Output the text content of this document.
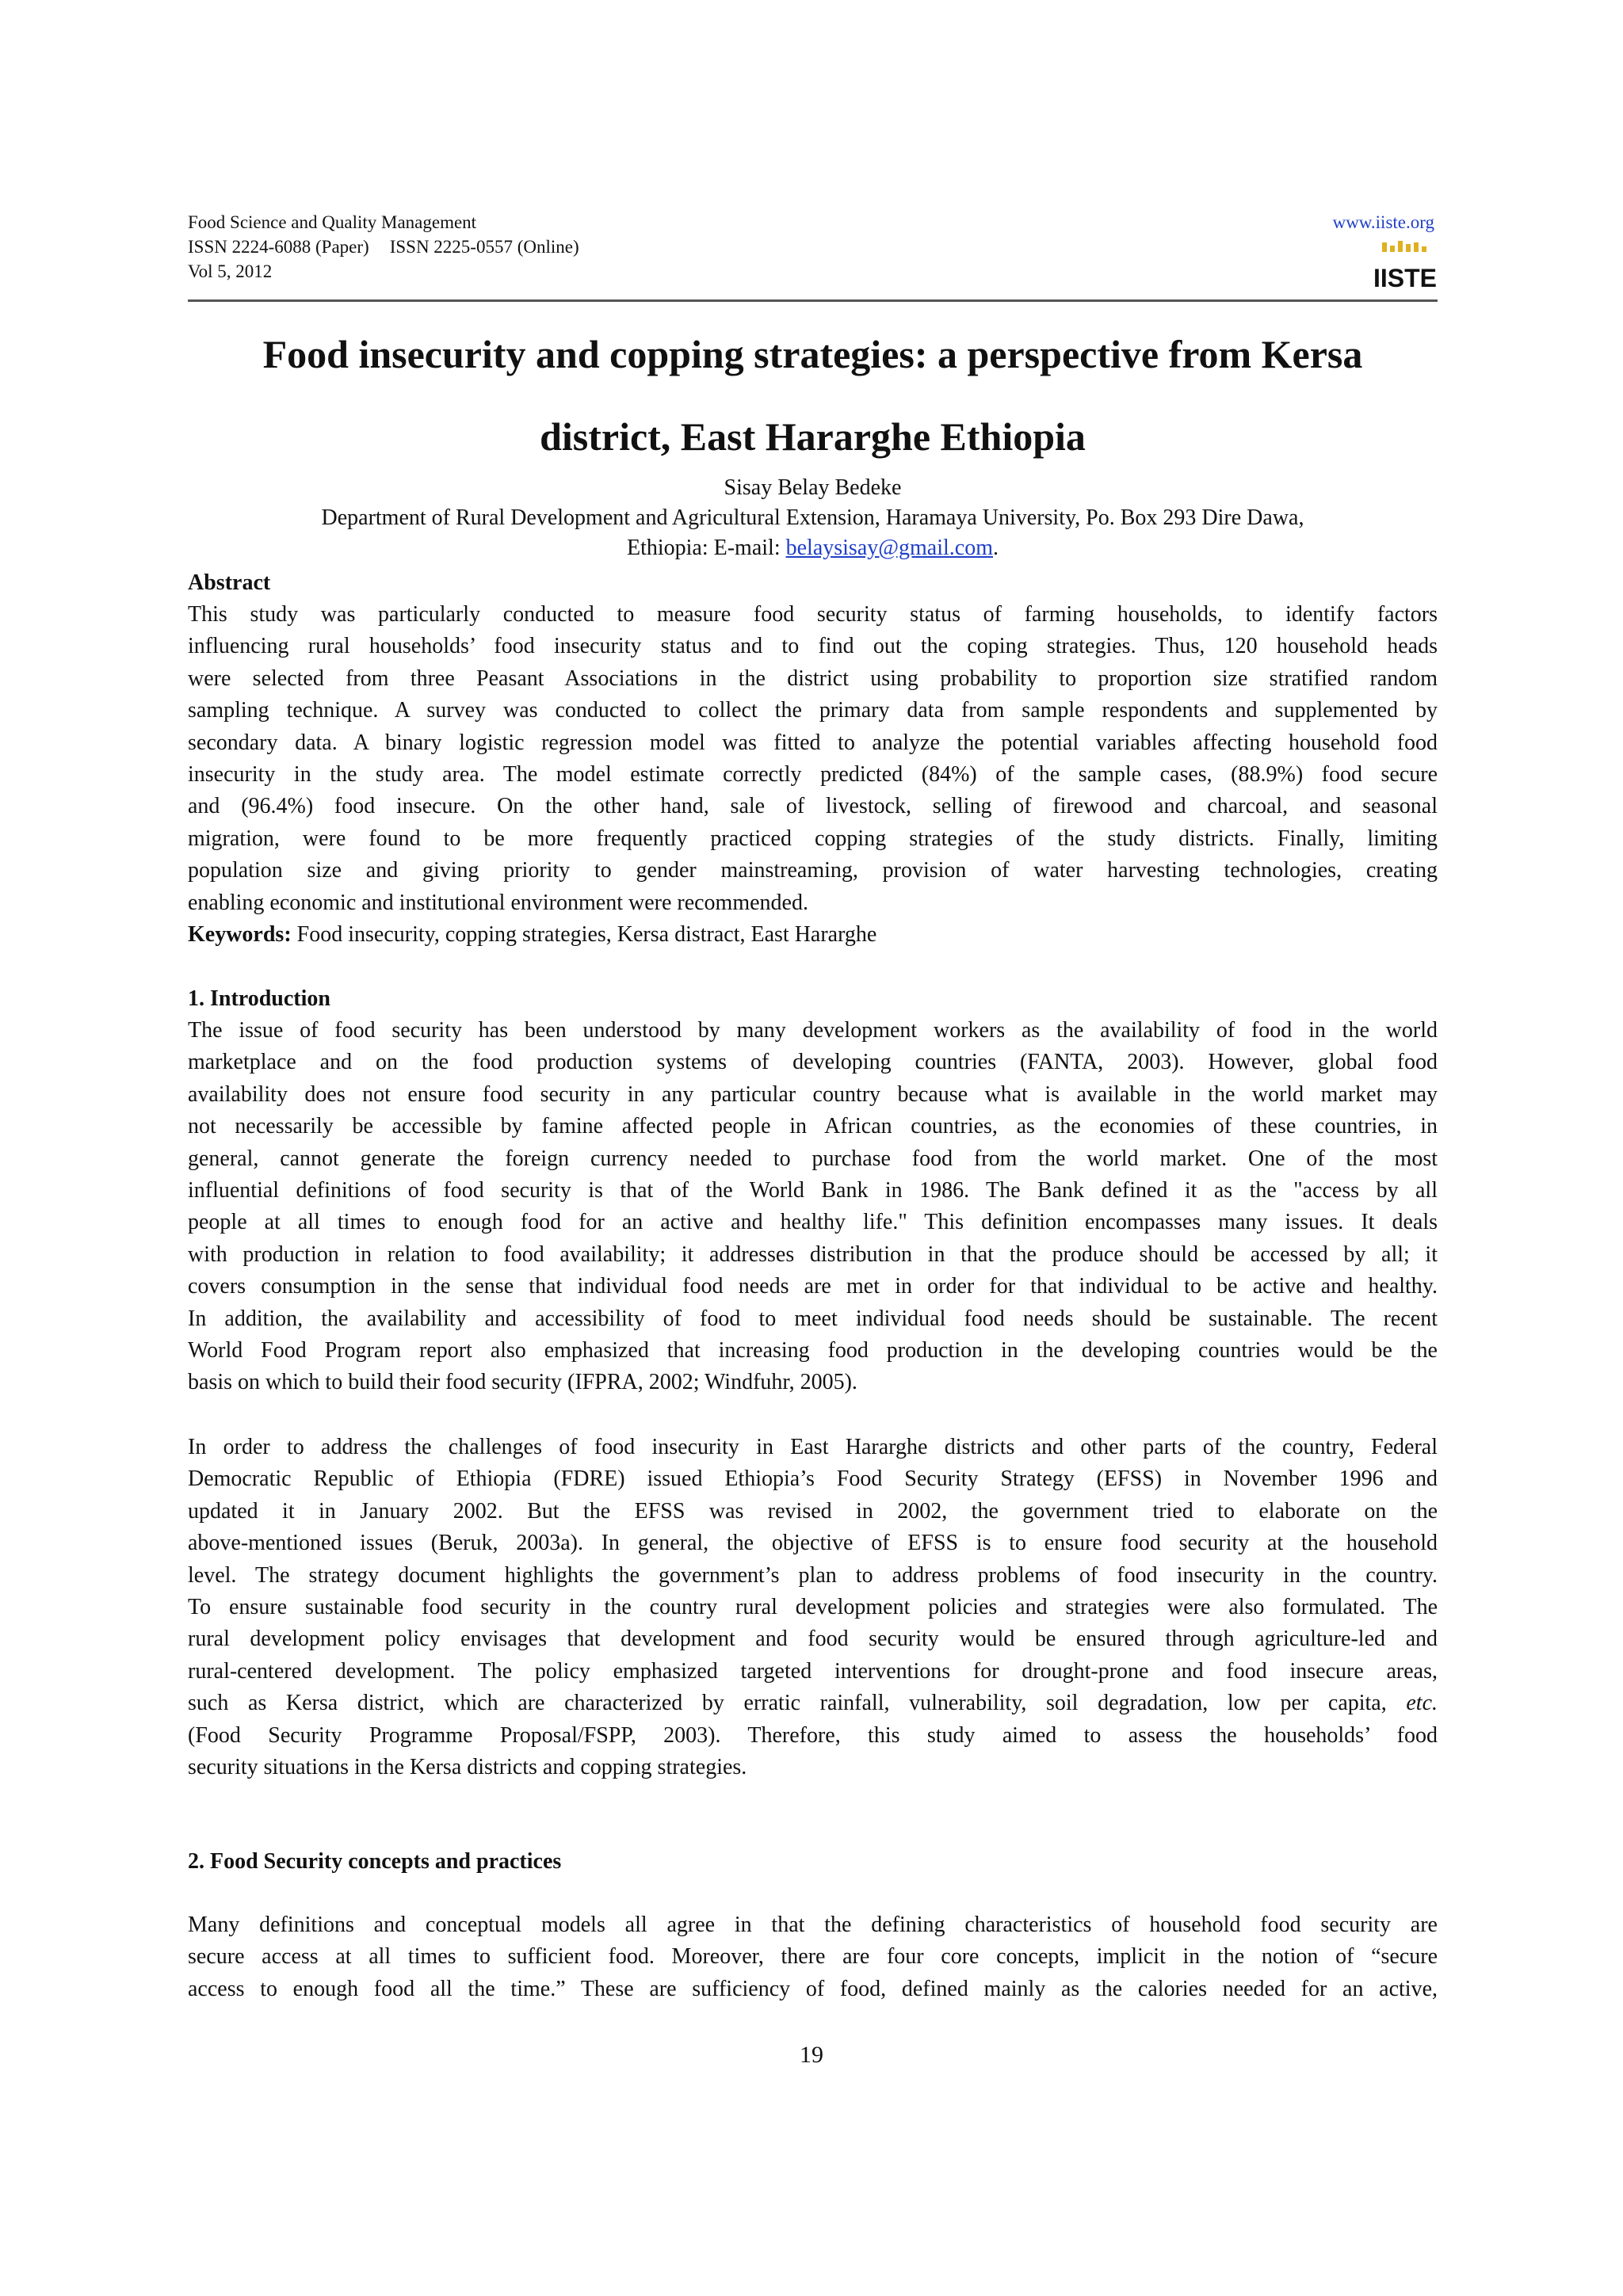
Food Science and Quality Management
ISSN 2224-6088 (Paper) ISSN 2225-0557 (Online)
Vol 5, 2012
www.iiste.org
IISTE
Food insecurity and copping strategies: a perspective from Kersa
district, East Hararghe Ethiopia
Sisay Belay Bedeke
Department of Rural Development and Agricultural Extension, Haramaya University, Po. Box 293 Dire Dawa,
Ethiopia: E-mail: belaysisay@gmail.com.
Abstract
This study was particularly conducted to measure food security status of farming households, to identify factors
influencing rural households’ food insecurity status and to find out the coping strategies. Thus, 120 household heads
were selected from three Peasant Associations in the district using probability to proportion size stratified random
sampling technique. A survey was conducted to collect the primary data from sample respondents and supplemented by
secondary data. A binary logistic regression model was fitted to analyze the potential variables affecting household food
insecurity in the study area. The model estimate correctly predicted (84%) of the sample cases, (88.9%) food secure
and (96.4%) food insecure. On the other hand, sale of livestock, selling of firewood and charcoal, and seasonal
migration, were found to be more frequently practiced copping strategies of the study districts. Finally, limiting
population size and giving priority to gender mainstreaming, provision of water harvesting technologies, creating
enabling economic and institutional environment were recommended.
Keywords: Food insecurity, copping strategies, Kersa distract, East Hararghe
1. Introduction
The issue of food security has been understood by many development workers as the availability of food in the world
marketplace and on the food production systems of developing countries (FANTA, 2003). However, global food
availability does not ensure food security in any particular country because what is available in the world market may
not necessarily be accessible by famine affected people in African countries, as the economies of these countries, in
general, cannot generate the foreign currency needed to purchase food from the world market. One of the most
influential definitions of food security is that of the World Bank in 1986. The Bank defined it as the "access by all
people at all times to enough food for an active and healthy life." This definition encompasses many issues. It deals
with production in relation to food availability; it addresses distribution in that the produce should be accessed by all; it
covers consumption in the sense that individual food needs are met in order for that individual to be active and healthy.
In addition, the availability and accessibility of food to meet individual food needs should be sustainable. The recent
World Food Program report also emphasized that increasing food production in the developing countries would be the
basis on which to build their food security (IFPRA, 2002; Windfuhr, 2005).
In order to address the challenges of food insecurity in East Hararghe districts and other parts of the country, Federal
Democratic Republic of Ethiopia (FDRE) issued Ethiopia’s Food Security Strategy (EFSS) in November 1996 and
updated it in January 2002. But the EFSS was revised in 2002, the government tried to elaborate on the
above-mentioned issues (Beruk, 2003a). In general, the objective of EFSS is to ensure food security at the household
level. The strategy document highlights the government’s plan to address problems of food insecurity in the country.
To ensure sustainable food security in the country rural development policies and strategies were also formulated. The
rural development policy envisages that development and food security would be ensured through agriculture-led and
rural-centered development. The policy emphasized targeted interventions for drought-prone and food insecure areas,
such as Kersa district, which are characterized by erratic rainfall, vulnerability, soil degradation, low per capita, etc.
(Food Security Programme Proposal/FSPP, 2003). Therefore, this study aimed to assess the households’ food
security situations in the Kersa districts and copping strategies.
2. Food Security concepts and practices
Many definitions and conceptual models all agree in that the defining characteristics of household food security are
secure access at all times to sufficient food. Moreover, there are four core concepts, implicit in the notion of “secure
access to enough food all the time.” These are sufficiency of food, defined mainly as the calories needed for an active,
19
